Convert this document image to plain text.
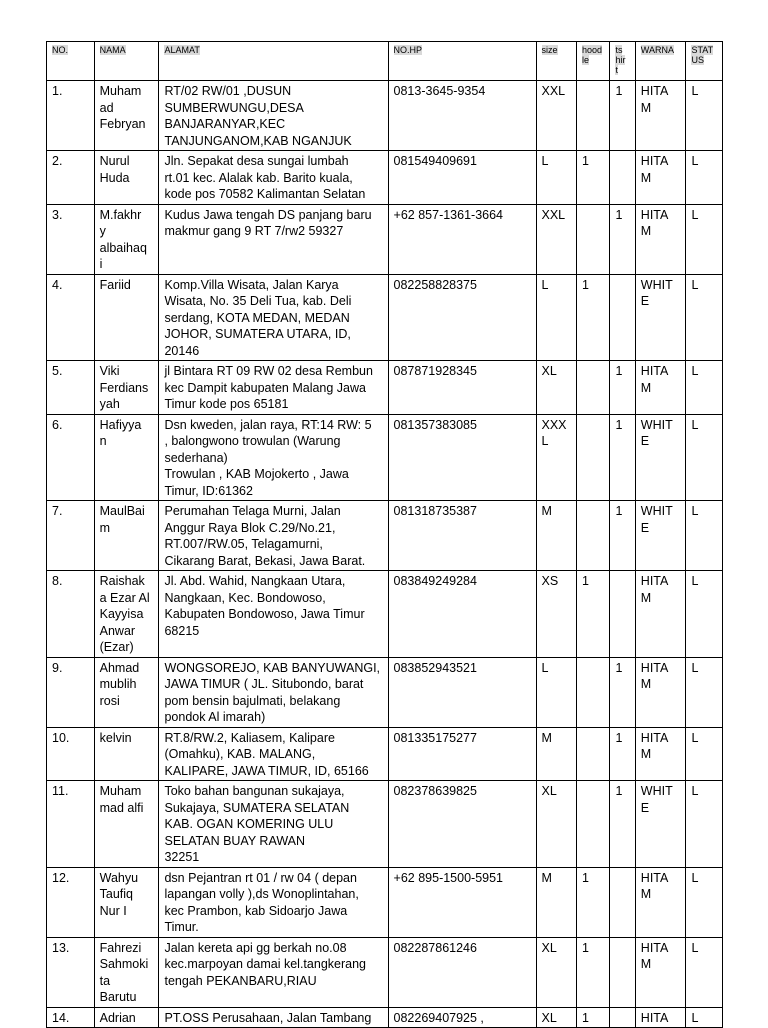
NO.	NAMA	ALAMAT	NO.HP	size	hood
le	ts
hir
t	WARNA	STAT
US
1.	Muham
ad
Febryan	RT/02 RW/01 ,DUSUN
SUMBERWUNGU,DESA
BANJARANYAR,KEC
TANJUNGANOM,KAB NGANJUK	0813-3645-9354	XXL		1	HITA
M	L
2.	Nurul
Huda	Jln. Sepakat desa sungai lumbah
rt.01 kec. Alalak kab. Barito kuala,
kode pos 70582 Kalimantan Selatan	081549409691	L	1		HITA
M	L
3.	M.fakhr
y
albaihaq
i	Kudus Jawa tengah DS panjang baru
makmur gang 9 RT 7/rw2 59327	+62 857-1361-3664	XXL		1	HITA
M	L
4.	Fariid	Komp.Villa Wisata, Jalan Karya
Wisata, No. 35 Deli Tua, kab. Deli
serdang, KOTA MEDAN, MEDAN
JOHOR, SUMATERA UTARA, ID,
20146	082258828375	L	1		WHIT
E	L
5.	Viki
Ferdians
yah	jl Bintara RT 09 RW 02 desa Rembun
kec Dampit kabupaten Malang Jawa
Timur kode pos 65181	087871928345	XL		1	HITA
M	L
6.	Hafiyya
n	Dsn kweden, jalan raya, RT:14 RW: 5
, balongwono trowulan (Warung
sederhana)
Trowulan , KAB Mojokerto , Jawa
Timur, ID:61362	081357383085	XXX
L		1	WHIT
E	L
7.	MaulBai
m	Perumahan Telaga Murni, Jalan
Anggur Raya Blok C.29/No.21,
RT.007/RW.05, Telagamurni,
Cikarang Barat, Bekasi, Jawa Barat.	081318735387	M		1	WHIT
E	L
8.	Raishak
a Ezar Al
Kayyisa
Anwar
(Ezar)	Jl. Abd. Wahid, Nangkaan Utara,
Nangkaan, Kec. Bondowoso,
Kabupaten Bondowoso, Jawa Timur
68215	083849249284	XS	1		HITA
M	L
9.	Ahmad
mublih
rosi	WONGSOREJO, KAB BANYUWANGI,
JAWA TIMUR ( JL. Situbondo, barat
pom bensin bajulmati, belakang
pondok Al imarah)	083852943521	L		1	HITA
M	L
10.	kelvin	RT.8/RW.2, Kaliasem, Kalipare
(Omahku), KAB. MALANG,
KALIPARE, JAWA TIMUR, ID, 65166	081335175277	M		1	HITA
M	L
11.	Muham
mad alfi	Toko bahan bangunan sukajaya,
Sukajaya, SUMATERA SELATAN
KAB. OGAN KOMERING ULU
SELATAN BUAY RAWAN
32251	082378639825	XL		1	WHIT
E	L
12.	Wahyu
Taufiq
Nur I	dsn Pejantran rt 01 / rw 04 ( depan
lapangan volly ),ds Wonoplintahan,
kec Prambon, kab Sidoarjo Jawa
Timur.	+62 895-1500-5951	M	1		HITA
M	L
13.	Fahrezi
Sahmoki
ta
Barutu	Jalan kereta api gg berkah no.08
kec.marpoyan damai kel.tangkerang
tengah PEKANBARU,RIAU	082287861246	XL	1		HITA
M	L
14.	Adrian	PT.OSS Perusahaan, Jalan Tambang	082269407925 ,	XL	1		HITA	L
